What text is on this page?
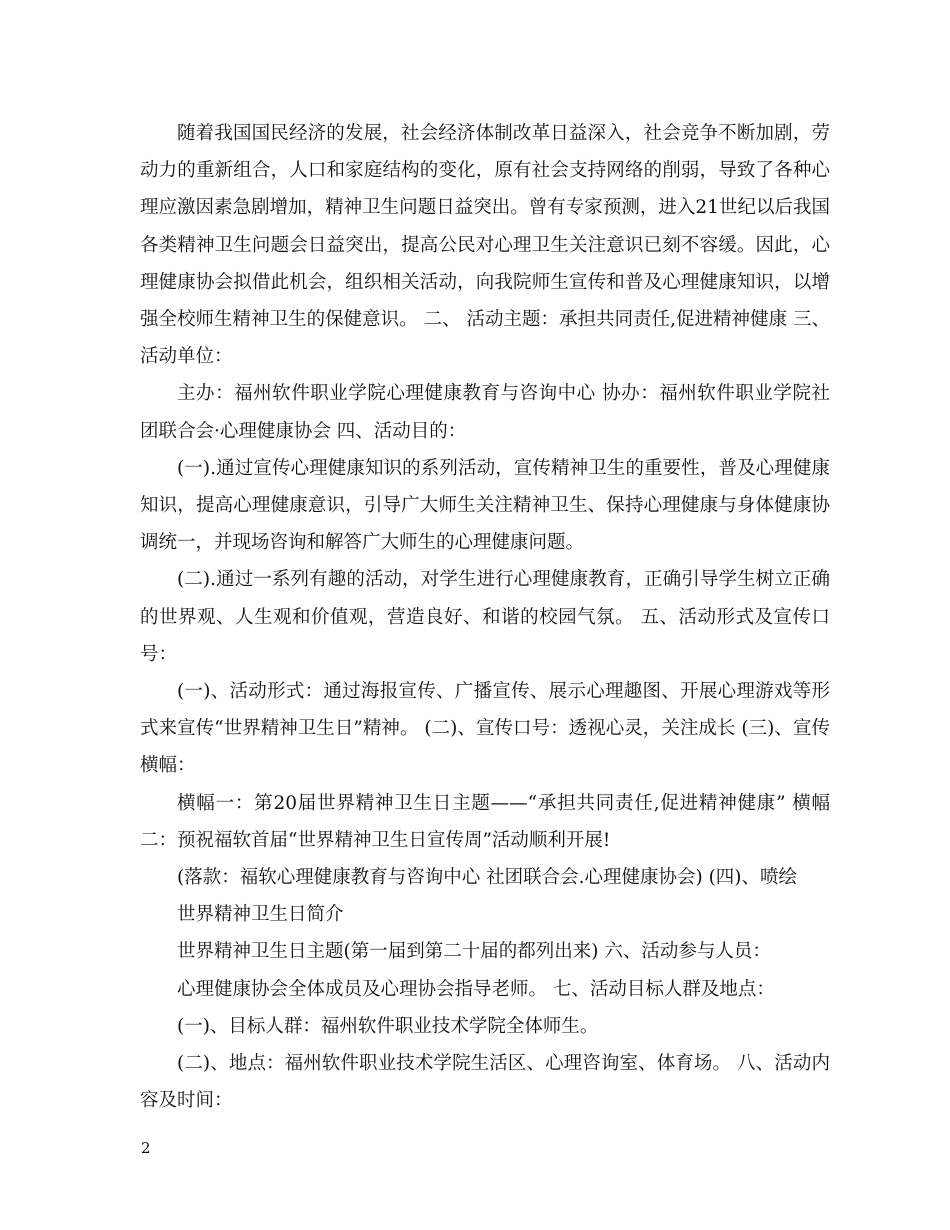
随着我国国民经济的发展，社会经济体制改革日益深入，社会竞争不断加剧，劳动力的重新组合，人口和家庭结构的变化，原有社会支持网络的削弱，导致了各种心理应激因素急剧增加，精神卫生问题日益突出。曾有专家预测，进入21世纪以后我国各类精神卫生问题会日益突出，提高公民对心理卫生关注意识已刻不容缓。因此，心理健康协会拟借此机会，组织相关活动，向我院师生宣传和普及心理健康知识，以增强全校师生精神卫生的保健意识。 二、 活动主题：承担共同责任,促进精神健康 三、活动单位：

主办：福州软件职业学院心理健康教育与咨询中心 协办：福州软件职业学院社团联合会·心理健康协会 四、活动目的：

(一).通过宣传心理健康知识的系列活动，宣传精神卫生的重要性，普及心理健康知识，提高心理健康意识，引导广大师生关注精神卫生、保持心理健康与身体健康协调统一，并现场咨询和解答广大师生的心理健康问题。

(二).通过一系列有趣的活动，对学生进行心理健康教育，正确引导学生树立正确的世界观、人生观和价值观，营造良好、和谐的校园气氛。 五、活动形式及宣传口号：

(一)、活动形式：通过海报宣传、广播宣传、展示心理趣图、开展心理游戏等形式来宣传“世界精神卫生日”精神。 (二)、宣传口号：透视心灵，关注成长 (三)、宣传横幅：

横幅一：第20届世界精神卫生日主题——“承担共同责任,促进精神健康” 横幅二：预祝福软首届“世界精神卫生日宣传周”活动顺利开展!

(落款：福软心理健康教育与咨询中心 社团联合会.心理健康协会) (四)、喷绘

世界精神卫生日简介

世界精神卫生日主题(第一届到第二十届的都列出来) 六、活动参与人员：

心理健康协会全体成员及心理协会指导老师。 七、活动目标人群及地点：

(一)、目标人群：福州软件职业技术学院全体师生。

(二)、地点：福州软件职业技术学院生活区、心理咨询室、体育场。 八、活动内容及时间：

2
